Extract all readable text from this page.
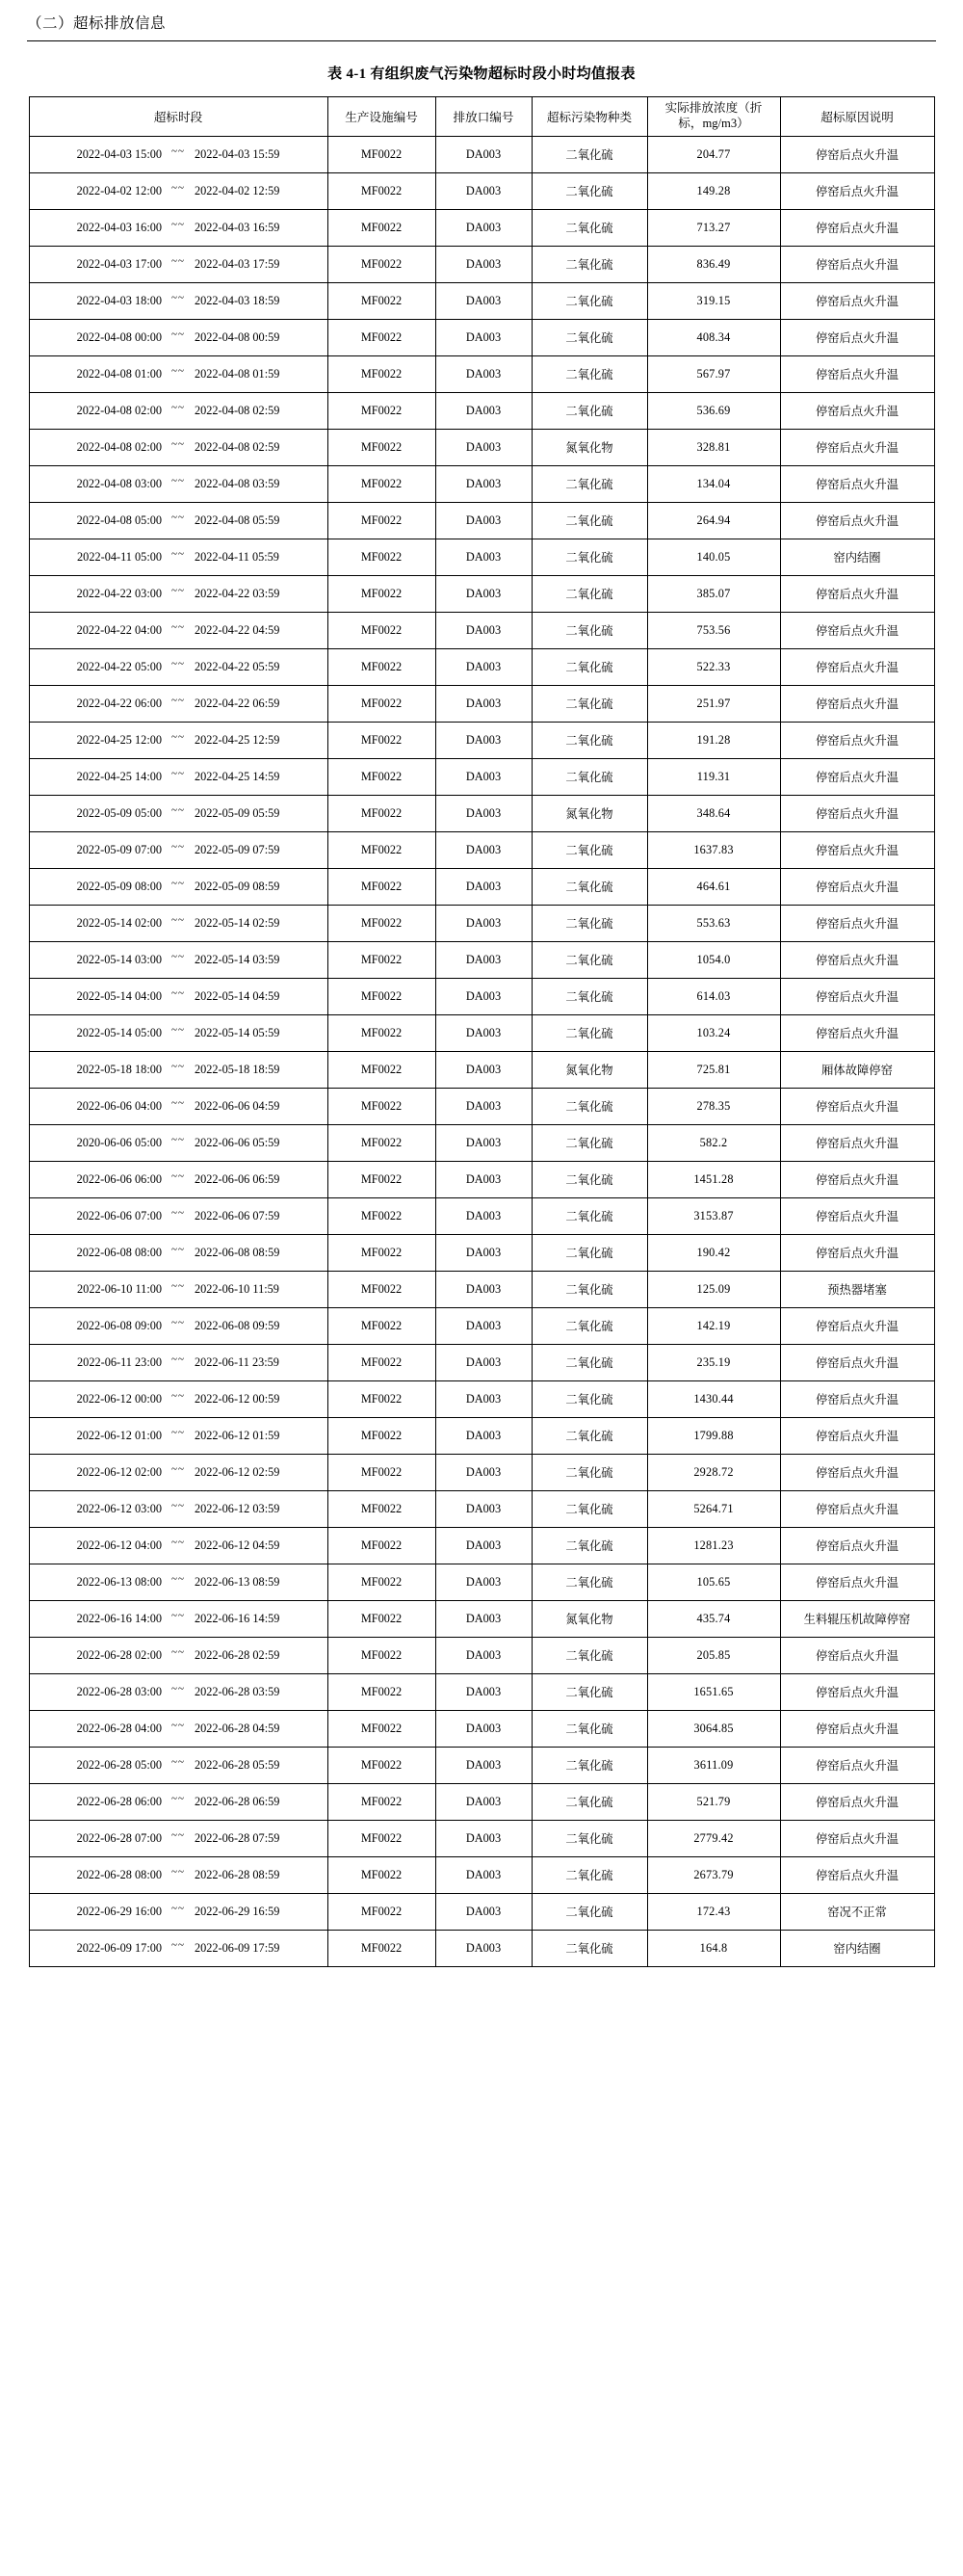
（二）超标排放信息
表 4-1 有组织废气污染物超标时段小时均值报表
超标时段	生产设施编号	排放口编号	超标污染物种类	实际排放浓度（折
标，mg/m3）	超标原因说明

2022-04-03 15:00 ~~ 2022-04-03 15:59	MF0022	DA003	二氧化硫	204.77	停窑后点火升温

2022-04-02 12:00 ~~ 2022-04-02 12:59	MF0022	DA003	二氧化硫	149.28	停窑后点火升温

2022-04-03 16:00 ~~ 2022-04-03 16:59	MF0022	DA003	二氧化硫	713.27	停窑后点火升温

2022-04-03 17:00 ~~ 2022-04-03 17:59	MF0022	DA003	二氧化硫	836.49	停窑后点火升温

2022-04-03 18:00 ~~ 2022-04-03 18:59	MF0022	DA003	二氧化硫	319.15	停窑后点火升温

2022-04-08 00:00 ~~ 2022-04-08 00:59	MF0022	DA003	二氧化硫	408.34	停窑后点火升温

2022-04-08 01:00 ~~ 2022-04-08 01:59	MF0022	DA003	二氧化硫	567.97	停窑后点火升温

2022-04-08 02:00 ~~ 2022-04-08 02:59	MF0022	DA003	二氧化硫	536.69	停窑后点火升温

2022-04-08 02:00 ~~ 2022-04-08 02:59	MF0022	DA003	氮氧化物	328.81	停窑后点火升温

2022-04-08 03:00 ~~ 2022-04-08 03:59	MF0022	DA003	二氧化硫	134.04	停窑后点火升温

2022-04-08 05:00 ~~ 2022-04-08 05:59	MF0022	DA003	二氧化硫	264.94	停窑后点火升温

2022-04-11 05:00 ~~ 2022-04-11 05:59	MF0022	DA003	二氧化硫	140.05	窑内结圈

2022-04-22 03:00 ~~ 2022-04-22 03:59	MF0022	DA003	二氧化硫	385.07	停窑后点火升温

2022-04-22 04:00 ~~ 2022-04-22 04:59	MF0022	DA003	二氧化硫	753.56	停窑后点火升温

2022-04-22 05:00 ~~ 2022-04-22 05:59	MF0022	DA003	二氧化硫	522.33	停窑后点火升温

2022-04-22 06:00 ~~ 2022-04-22 06:59	MF0022	DA003	二氧化硫	251.97	停窑后点火升温

2022-04-25 12:00 ~~ 2022-04-25 12:59	MF0022	DA003	二氧化硫	191.28	停窑后点火升温

2022-04-25 14:00 ~~ 2022-04-25 14:59	MF0022	DA003	二氧化硫	119.31	停窑后点火升温

2022-05-09 05:00 ~~ 2022-05-09 05:59	MF0022	DA003	氮氧化物	348.64	停窑后点火升温

2022-05-09 07:00 ~~ 2022-05-09 07:59	MF0022	DA003	二氧化硫	1637.83	停窑后点火升温

2022-05-09 08:00 ~~ 2022-05-09 08:59	MF0022	DA003	二氧化硫	464.61	停窑后点火升温

2022-05-14 02:00 ~~ 2022-05-14 02:59	MF0022	DA003	二氧化硫	553.63	停窑后点火升温

2022-05-14 03:00 ~~ 2022-05-14 03:59	MF0022	DA003	二氧化硫	1054.0	停窑后点火升温

2022-05-14 04:00 ~~ 2022-05-14 04:59	MF0022	DA003	二氧化硫	614.03	停窑后点火升温

2022-05-14 05:00 ~~ 2022-05-14 05:59	MF0022	DA003	二氧化硫	103.24	停窑后点火升温

2022-05-18 18:00 ~~ 2022-05-18 18:59	MF0022	DA003	氮氧化物	725.81	厢体故障停窑

2022-06-06 04:00 ~~ 2022-06-06 04:59	MF0022	DA003	二氧化硫	278.35	停窑后点火升温

2020-06-06 05:00 ~~ 2022-06-06 05:59	MF0022	DA003	二氧化硫	582.2	停窑后点火升温

2022-06-06 06:00 ~~ 2022-06-06 06:59	MF0022	DA003	二氧化硫	1451.28	停窑后点火升温

2022-06-06 07:00 ~~ 2022-06-06 07:59	MF0022	DA003	二氧化硫	3153.87	停窑后点火升温

2022-06-08 08:00 ~~ 2022-06-08 08:59	MF0022	DA003	二氧化硫	190.42	停窑后点火升温

2022-06-10 11:00 ~~ 2022-06-10 11:59	MF0022	DA003	二氧化硫	125.09	预热器堵塞

2022-06-08 09:00 ~~ 2022-06-08 09:59	MF0022	DA003	二氧化硫	142.19	停窑后点火升温

2022-06-11 23:00 ~~ 2022-06-11 23:59	MF0022	DA003	二氧化硫	235.19	停窑后点火升温

2022-06-12 00:00 ~~ 2022-06-12 00:59	MF0022	DA003	二氧化硫	1430.44	停窑后点火升温

2022-06-12 01:00 ~~ 2022-06-12 01:59	MF0022	DA003	二氧化硫	1799.88	停窑后点火升温

2022-06-12 02:00 ~~ 2022-06-12 02:59	MF0022	DA003	二氧化硫	2928.72	停窑后点火升温

2022-06-12 03:00 ~~ 2022-06-12 03:59	MF0022	DA003	二氧化硫	5264.71	停窑后点火升温

2022-06-12 04:00 ~~ 2022-06-12 04:59	MF0022	DA003	二氧化硫	1281.23	停窑后点火升温

2022-06-13 08:00 ~~ 2022-06-13 08:59	MF0022	DA003	二氧化硫	105.65	停窑后点火升温

2022-06-16 14:00 ~~ 2022-06-16 14:59	MF0022	DA003	氮氧化物	435.74	生料辊压机故障停窑

2022-06-28 02:00 ~~ 2022-06-28 02:59	MF0022	DA003	二氧化硫	205.85	停窑后点火升温

2022-06-28 03:00 ~~ 2022-06-28 03:59	MF0022	DA003	二氧化硫	1651.65	停窑后点火升温

2022-06-28 04:00 ~~ 2022-06-28 04:59	MF0022	DA003	二氧化硫	3064.85	停窑后点火升温

2022-06-28 05:00 ~~ 2022-06-28 05:59	MF0022	DA003	二氧化硫	3611.09	停窑后点火升温

2022-06-28 06:00 ~~ 2022-06-28 06:59	MF0022	DA003	二氧化硫	521.79	停窑后点火升温

2022-06-28 07:00 ~~ 2022-06-28 07:59	MF0022	DA003	二氧化硫	2779.42	停窑后点火升温

2022-06-28 08:00 ~~ 2022-06-28 08:59	MF0022	DA003	二氧化硫	2673.79	停窑后点火升温

2022-06-29 16:00 ~~ 2022-06-29 16:59	MF0022	DA003	二氧化硫	172.43	窑况不正常

2022-06-09 17:00 ~~ 2022-06-09 17:59	MF0022	DA003	二氧化硫	164.8	窑内结圈
